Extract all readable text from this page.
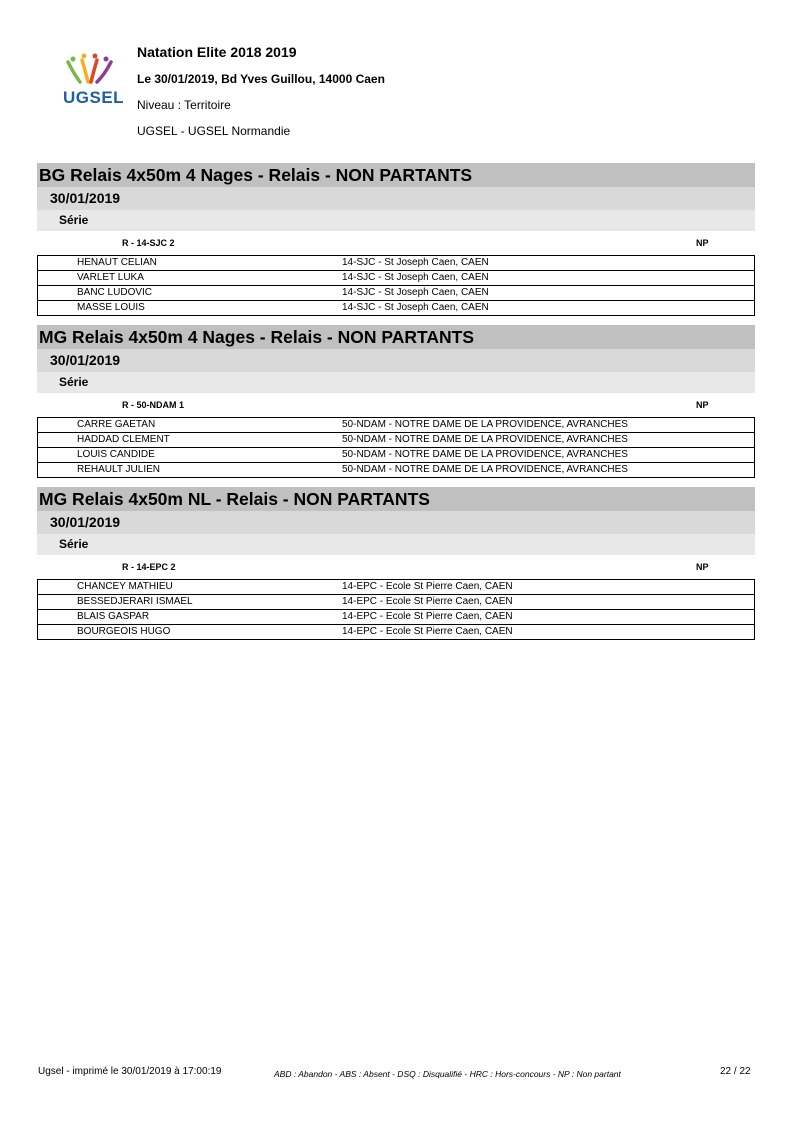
UGSEL
Natation Elite 2018 2019
Le 30/01/2019, Bd Yves Guillou, 14000 Caen
Niveau : Territoire
UGSEL - UGSEL Normandie
BG Relais 4x50m 4 Nages - Relais - NON PARTANTS
30/01/2019
Série
R - 14-SJC 2	NP
HENAUT CELIAN	14-SJC - St Joseph Caen, CAEN
VARLET LUKA	14-SJC - St Joseph Caen, CAEN
BANC LUDOVIC	14-SJC - St Joseph Caen, CAEN
MASSE LOUIS	14-SJC - St Joseph Caen, CAEN
MG Relais 4x50m 4 Nages - Relais - NON PARTANTS
30/01/2019
Série
R - 50-NDAM 1	NP
CARRE GAETAN	50-NDAM - NOTRE DAME DE LA PROVIDENCE, AVRANCHES
HADDAD CLEMENT	50-NDAM - NOTRE DAME DE LA PROVIDENCE, AVRANCHES
LOUIS CANDIDE	50-NDAM - NOTRE DAME DE LA PROVIDENCE, AVRANCHES
REHAULT JULIEN	50-NDAM - NOTRE DAME DE LA PROVIDENCE, AVRANCHES
MG Relais 4x50m NL - Relais - NON PARTANTS
30/01/2019
Série
R - 14-EPC 2	NP
CHANCEY MATHIEU	14-EPC - Ecole St Pierre Caen, CAEN
BESSEDJERARI ISMAEL	14-EPC - Ecole St Pierre Caen, CAEN
BLAIS GASPAR	14-EPC - Ecole St Pierre Caen, CAEN
BOURGEOIS HUGO	14-EPC - Ecole St Pierre Caen, CAEN
Ugsel - imprimé le 30/01/2019 à 17:00:19	ABD : Abandon - ABS : Absent - DSQ : Disqualifié - HRC : Hors-concours - NP : Non partant	22 / 22
